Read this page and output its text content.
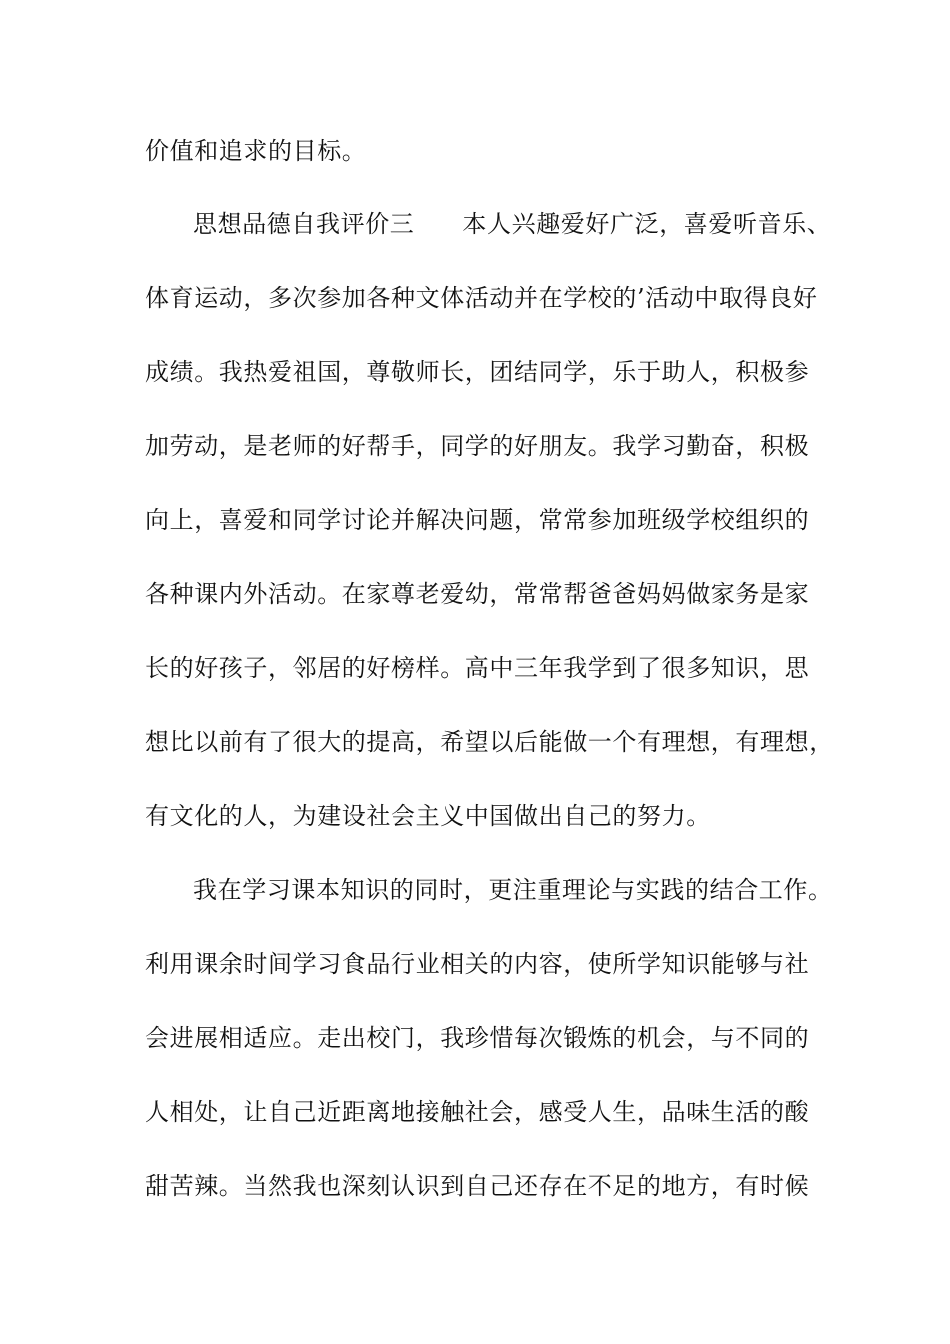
价值和追求的目标。
思想品德自我评价三 本人兴趣爱好广泛，喜爱听音乐、
体育运动，多次参加各种文体活动并在学校的’活动中取得良好
成绩。我热爱祖国，尊敬师长，团结同学，乐于助人，积极参
加劳动，是老师的好帮手，同学的好朋友。我学习勤奋，积极
向上，喜爱和同学讨论并解决问题，常常参加班级学校组织的
各种课内外活动。在家尊老爱幼，常常帮爸爸妈妈做家务是家
长的好孩子，邻居的好榜样。高中三年我学到了很多知识，思
想比以前有了很大的提高，希望以后能做一个有理想，有理想，
有文化的人，为建设社会主义中国做出自己的努力。
我在学习课本知识的同时，更注重理论与实践的结合工作。
利用课余时间学习食品行业相关的内容，使所学知识能够与社
会进展相适应。走出校门，我珍惜每次锻炼的机会，与不同的
人相处，让自己近距离地接触社会，感受人生，品味生活的酸
甜苦辣。当然我也深刻认识到自己还存在不足的地方，有时候
